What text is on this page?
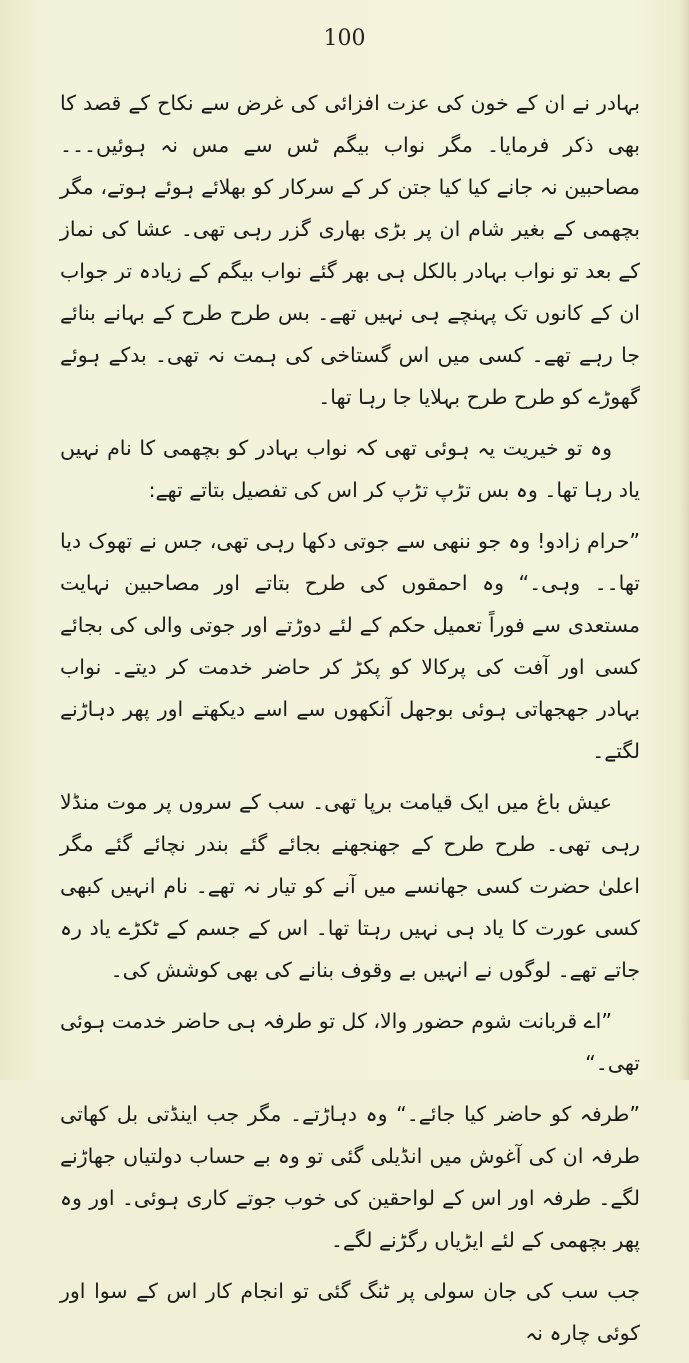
100

بہادر نے ان کے خون کی عزت افزائی کی غرض سے نکاح کے قصد کا بھی ذکر فرمایا۔ مگر نواب بیگم ٹس سے مس نہ ہوئیں۔۔۔ مصاحبین نہ جانے کیا کیا جتن کر کے سرکار کو بھلائے ہوئے ہوتے، مگر بچھمی کے بغیر شام ان پر بڑی بھاری گزر رہی تھی۔ عشا کی نماز کے بعد تو نواب بہادر بالکل ہی بھر گئے نواب بیگم کے زیادہ تر جواب ان کے کانوں تک پہنچے ہی نہیں تھے۔ بس طرح طرح کے بہانے بنائے جا رہے تھے۔ کسی میں اس گستاخی کی ہمت نہ تھی۔ بدکے ہوئے گھوڑے کو طرح طرح بہلایا جا رہا تھا۔

وہ تو خیریت یہ ہوئی تھی کہ نواب بہادر کو بچھمی کا نام نہیں یاد رہا تھا۔ وہ بس تڑپ تڑپ کر اس کی تفصیل بتاتے تھے:

”حرام زادو! وہ جو ننھی سے جوتی دکھا رہی تھی، جس نے تھوک دیا تھا۔۔ وہی۔“ وہ احمقوں کی طرح بتاتے اور مصاحبین نہایت مستعدی سے فوراً تعمیل حکم کے لئے دوڑتے اور جوتی والی کی بجائے کسی اور آفت کی پرکالا کو پکڑ کر حاضر خدمت کر دیتے۔ نواب بہادر جھجھاتی ہوئی بوجھل آنکھوں سے اسے دیکھتے اور پھر دہاڑنے لگتے۔

عیش باغ میں ایک قیامت برپا تھی۔ سب کے سروں پر موت منڈلا رہی تھی۔ طرح طرح کے جھنجھنے بجائے گئے بندر نچائے گئے مگر اعلیٰ حضرت کسی جھانسے میں آنے کو تیار نہ تھے۔ نام انہیں کبھی کسی عورت کا یاد ہی نہیں رہتا تھا۔ اس کے جسم کے ٹکڑے یاد رہ جاتے تھے۔ لوگوں نے انہیں بے وقوف بنانے کی بھی کوشش کی۔

”اے قربانت شوم حضور والا، کل تو طرفہ ہی حاضر خدمت ہوئی تھی۔“

”طرفہ کو حاضر کیا جائے۔“ وہ دہاڑتے۔ مگر جب اینڈتی بل کھاتی طرفہ ان کی آغوش میں انڈیلی گئی تو وہ بے حساب دولتیاں جھاڑنے لگے۔ طرفہ اور اس کے لواحقین کی خوب جوتے کاری ہوئی۔ اور وہ پھر بچھمی کے لئے ایڑیاں رگڑنے لگے۔

جب سب کی جان سولی پر ٹنگ گئی تو انجام کار اس کے سوا اور کوئی چارہ نہ
